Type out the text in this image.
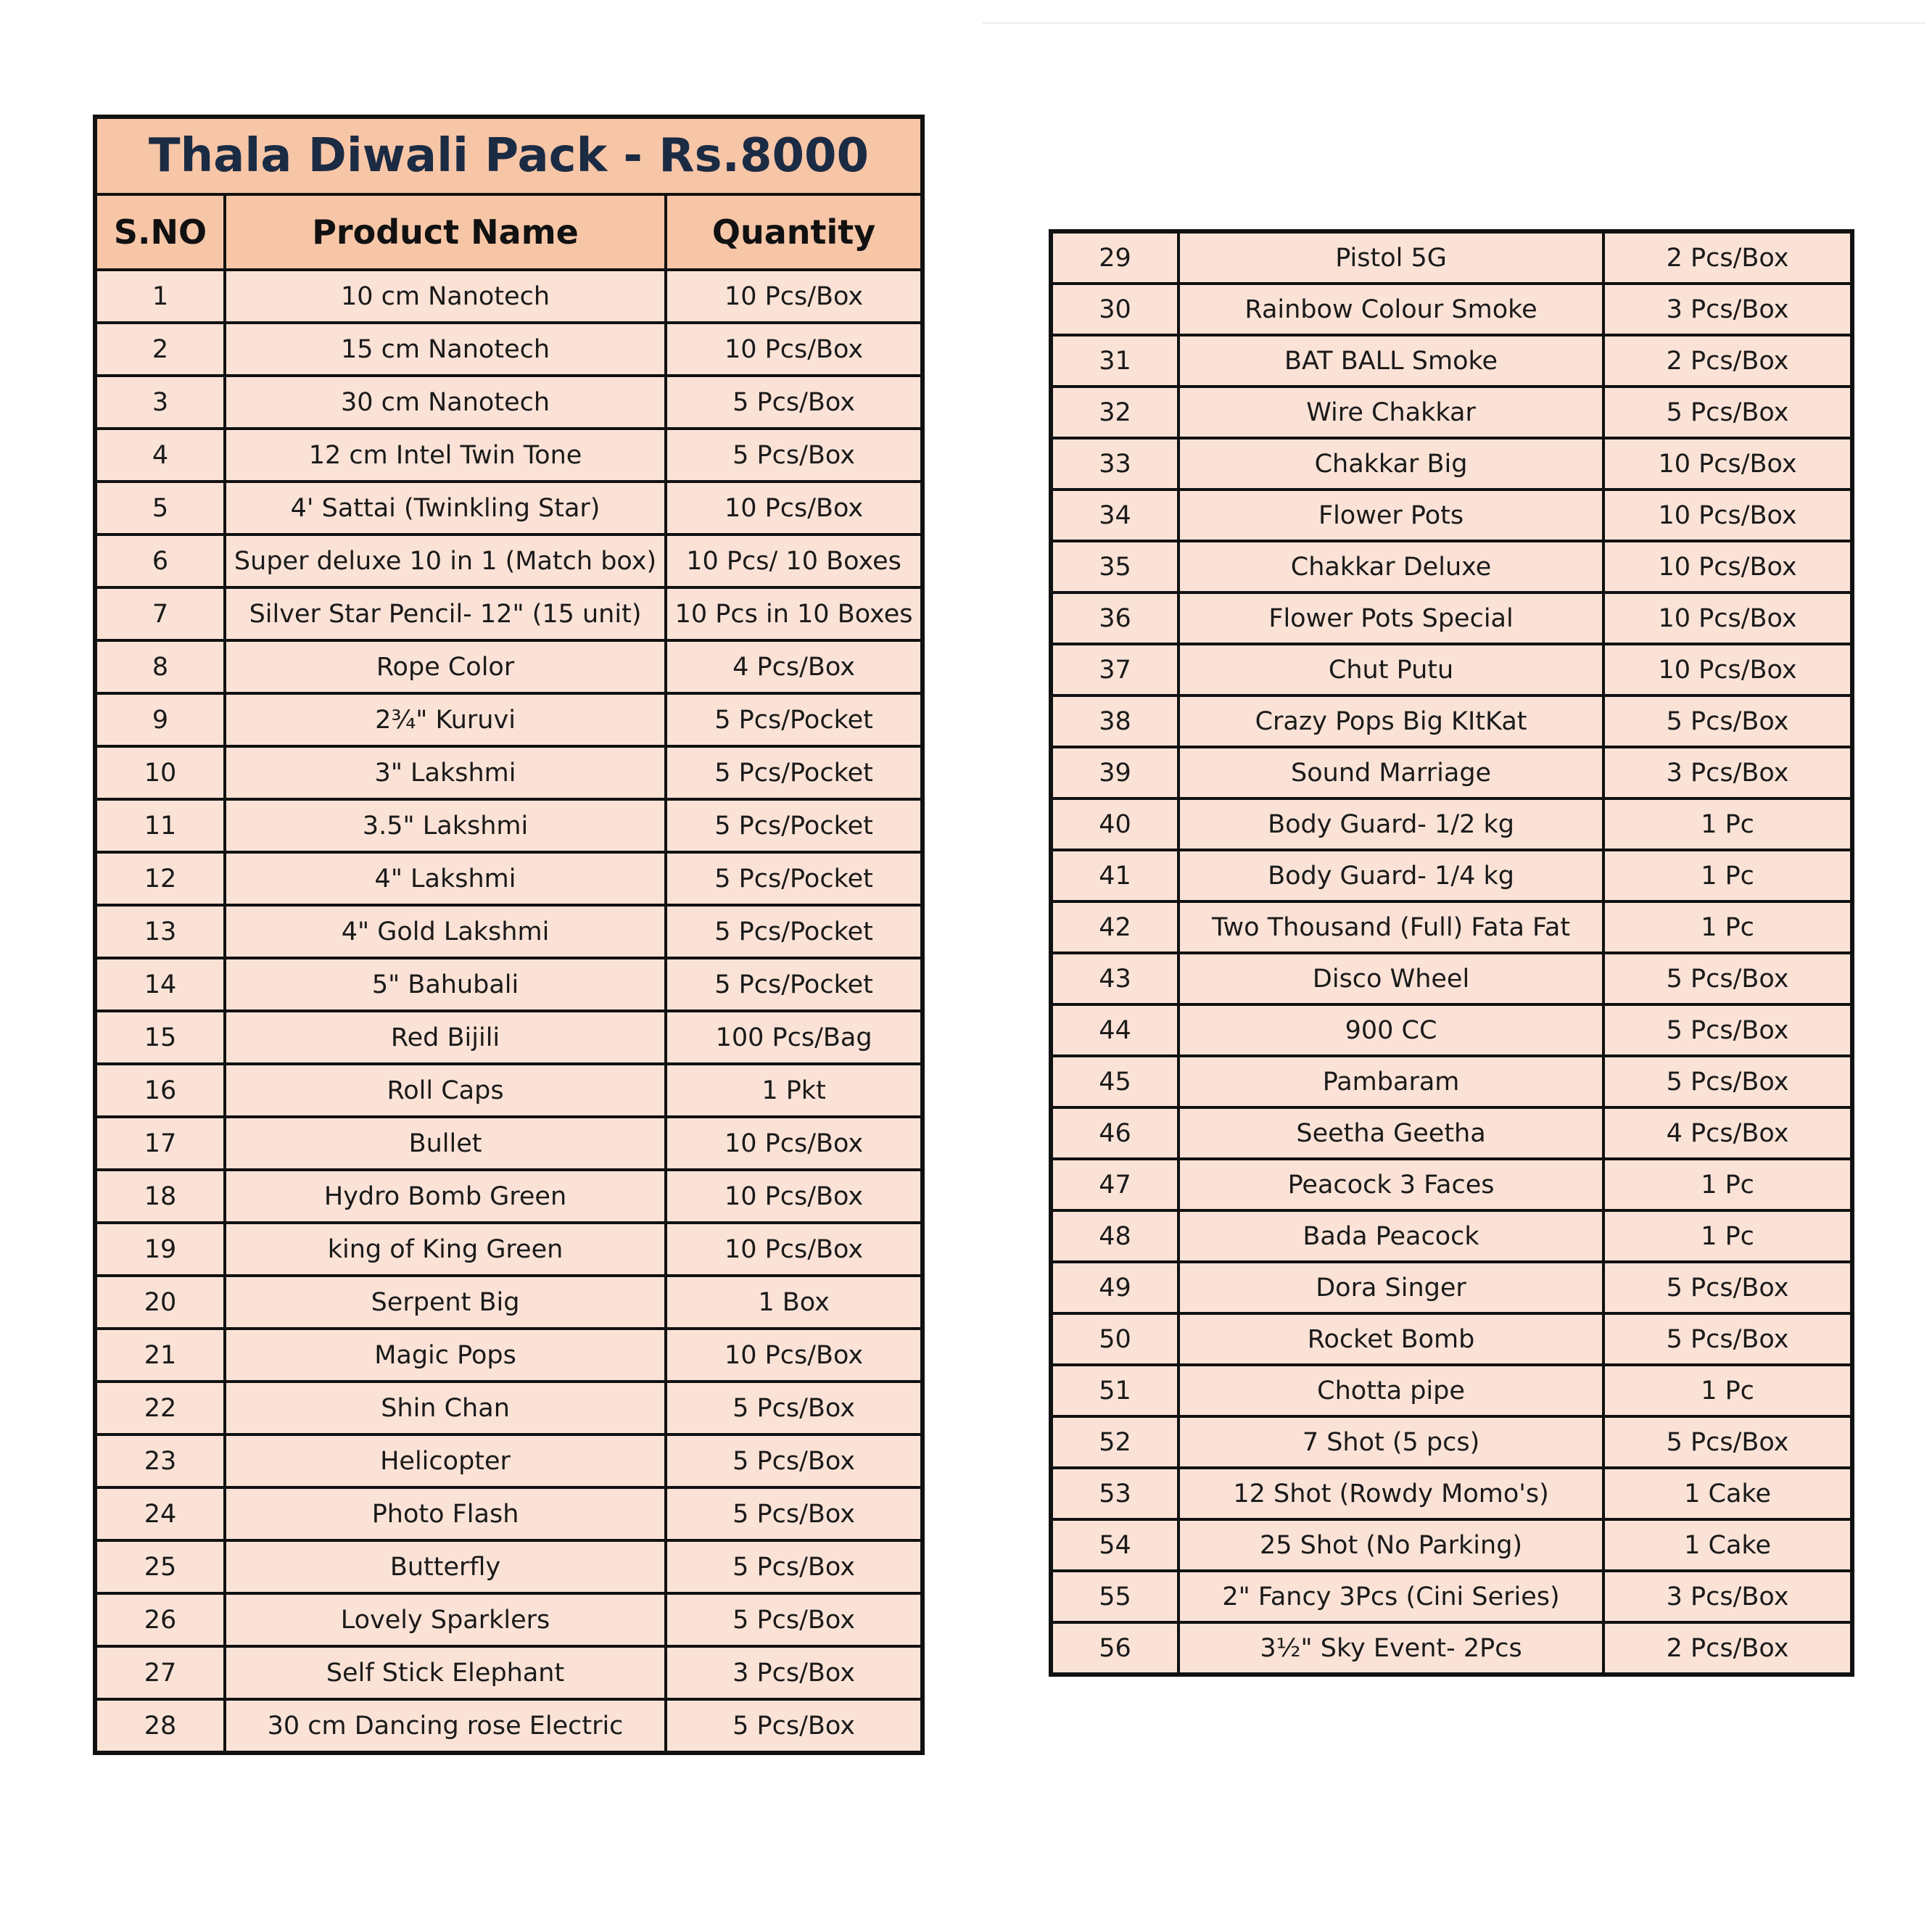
Thala Diwali Pack - Rs.8000		
S.NO	Product Name	Quantity
1	10 cm Nanotech	10 Pcs/Box
2	15 cm Nanotech	10 Pcs/Box
3	30 cm Nanotech	5 Pcs/Box
4	12 cm Intel Twin Tone	5 Pcs/Box
5	4' Sattai (Twinkling Star)	10 Pcs/Box
6	Super deluxe 10 in 1 (Match box)	10 Pcs/ 10 Boxes
7	Silver Star Pencil- 12" (15 unit)	10 Pcs in 10 Boxes
8	Rope Color	4 Pcs/Box
9	2¾" Kuruvi	5 Pcs/Pocket
10	3" Lakshmi	5 Pcs/Pocket
11	3.5" Lakshmi	5 Pcs/Pocket
12	4" Lakshmi	5 Pcs/Pocket
13	4" Gold Lakshmi	5 Pcs/Pocket
14	5" Bahubali	5 Pcs/Pocket
15	Red Bijili	100 Pcs/Bag
16	Roll Caps	1 Pkt
17	Bullet	10 Pcs/Box
18	Hydro Bomb Green	10 Pcs/Box
19	king of King Green	10 Pcs/Box
20	Serpent Big	1 Box
21	Magic Pops	10 Pcs/Box
22	Shin Chan	5 Pcs/Box
23	Helicopter	5 Pcs/Box
24	Photo Flash	5 Pcs/Box
25	Butterfly	5 Pcs/Box
26	Lovely Sparklers	5 Pcs/Box
27	Self Stick Elephant	3 Pcs/Box
28	30 cm Dancing rose Electric	5 Pcs/Box
29	Pistol 5G	2 Pcs/Box
30	Rainbow Colour Smoke	3 Pcs/Box
31	BAT BALL Smoke	2 Pcs/Box
32	Wire Chakkar	5 Pcs/Box
33	Chakkar Big	10 Pcs/Box
34	Flower Pots	10 Pcs/Box
35	Chakkar Deluxe	10 Pcs/Box
36	Flower Pots Special	10 Pcs/Box
37	Chut Putu	10 Pcs/Box
38	Crazy Pops Big KItKat	5 Pcs/Box
39	Sound Marriage	3 Pcs/Box
40	Body Guard- 1/2 kg	1 Pc
41	Body Guard- 1/4 kg	1 Pc
42	Two Thousand (Full) Fata Fat	1 Pc
43	Disco Wheel	5 Pcs/Box
44	900 CC	5 Pcs/Box
45	Pambaram	5 Pcs/Box
46	Seetha Geetha	4 Pcs/Box
47	Peacock 3 Faces	1 Pc
48	Bada Peacock	1 Pc
49	Dora Singer	5 Pcs/Box
50	Rocket Bomb	5 Pcs/Box
51	Chotta pipe	1 Pc
52	7 Shot (5 pcs)	5 Pcs/Box
53	12 Shot (Rowdy Momo's)	1 Cake
54	25 Shot (No Parking)	1 Cake
55	2" Fancy 3Pcs (Cini Series)	3 Pcs/Box
56	3½" Sky Event- 2Pcs	2 Pcs/Box
